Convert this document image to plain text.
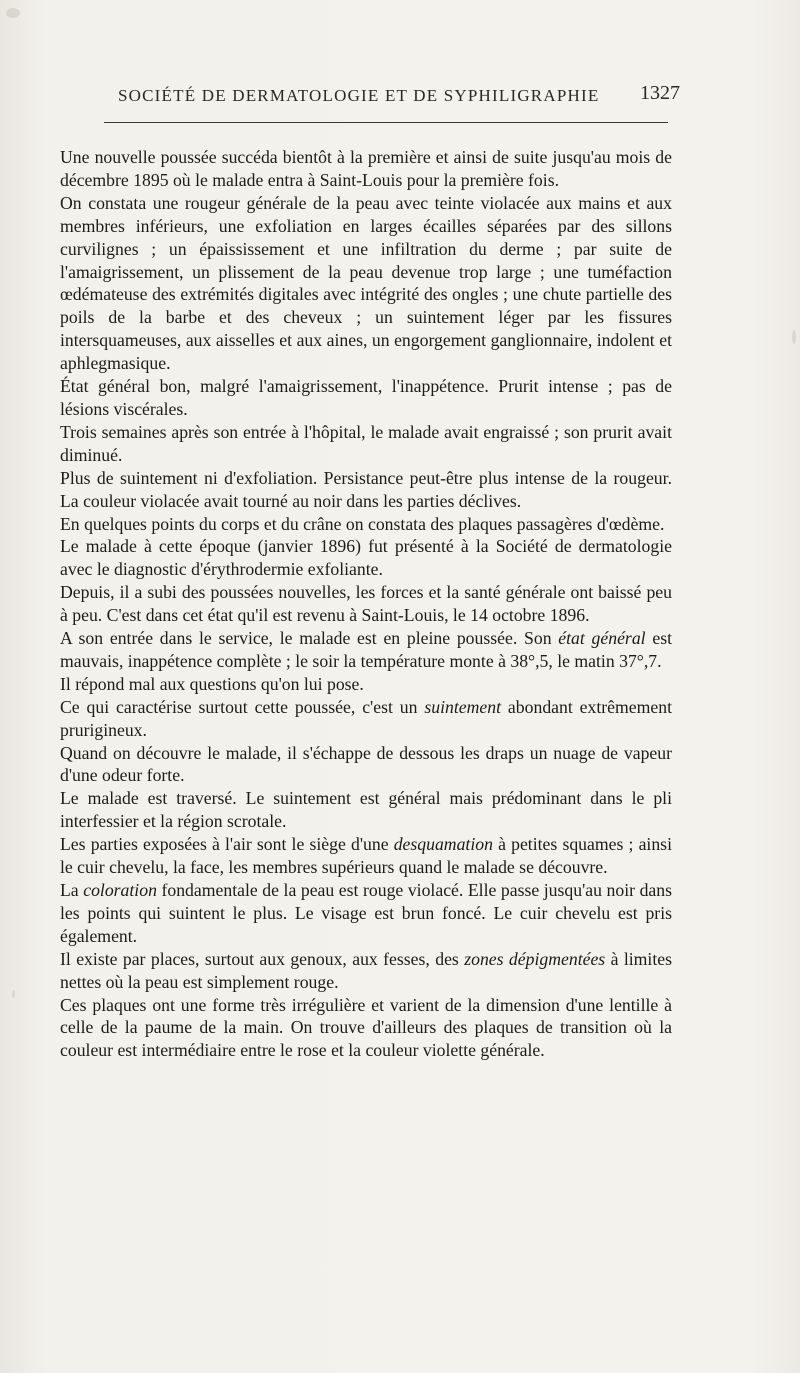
SOCIÉTÉ DE DERMATOLOGIE ET DE SYPHILIGRAPHIE 1327

Une nouvelle poussée succéda bientôt à la première et ainsi de suite jusqu'au mois de décembre 1895 où le malade entra à Saint-Louis pour la première fois.

On constata une rougeur générale de la peau avec teinte violacée aux mains et aux membres inférieurs, une exfoliation en larges écailles séparées par des sillons curvilignes ; un épaississement et une infiltration du derme ; par suite de l'amaigrissement, un plissement de la peau devenue trop large ; une tuméfaction œdémateuse des extrémités digitales avec intégrité des ongles ; une chute partielle des poils de la barbe et des cheveux ; un suintement léger par les fissures intersquameuses, aux aisselles et aux aines, un engorgement ganglionnaire, indolent et aphlegmasique.

État général bon, malgré l'amaigrissement, l'inappétence. Prurit intense ; pas de lésions viscérales.

Trois semaines après son entrée à l'hôpital, le malade avait engraissé ; son prurit avait diminué.

Plus de suintement ni d'exfoliation. Persistance peut-être plus intense de la rougeur. La couleur violacée avait tourné au noir dans les parties déclives.

En quelques points du corps et du crâne on constata des plaques passagères d'œdème.

Le malade à cette époque (janvier 1896) fut présenté à la Société de dermatologie avec le diagnostic d'érythrodermie exfoliante.

Depuis, il a subi des poussées nouvelles, les forces et la santé générale ont baissé peu à peu. C'est dans cet état qu'il est revenu à Saint-Louis, le 14 octobre 1896.

A son entrée dans le service, le malade est en pleine poussée. Son état général est mauvais, inappétence complète ; le soir la température monte à 38°,5, le matin 37°,7.

Il répond mal aux questions qu'on lui pose.

Ce qui caractérise surtout cette poussée, c'est un suintement abondant extrêmement prurigineux.

Quand on découvre le malade, il s'échappe de dessous les draps un nuage de vapeur d'une odeur forte.

Le malade est traversé. Le suintement est général mais prédominant dans le pli interfessier et la région scrotale.

Les parties exposées à l'air sont le siège d'une desquamation à petites squames ; ainsi le cuir chevelu, la face, les membres supérieurs quand le malade se découvre.

La coloration fondamentale de la peau est rouge violacé. Elle passe jusqu'au noir dans les points qui suintent le plus. Le visage est brun foncé. Le cuir chevelu est pris également.

Il existe par places, surtout aux genoux, aux fesses, des zones dépigmentées à limites nettes où la peau est simplement rouge.

Ces plaques ont une forme très irrégulière et varient de la dimension d'une lentille à celle de la paume de la main. On trouve d'ailleurs des plaques de transition où la couleur est intermédiaire entre le rose et la couleur violette générale.
